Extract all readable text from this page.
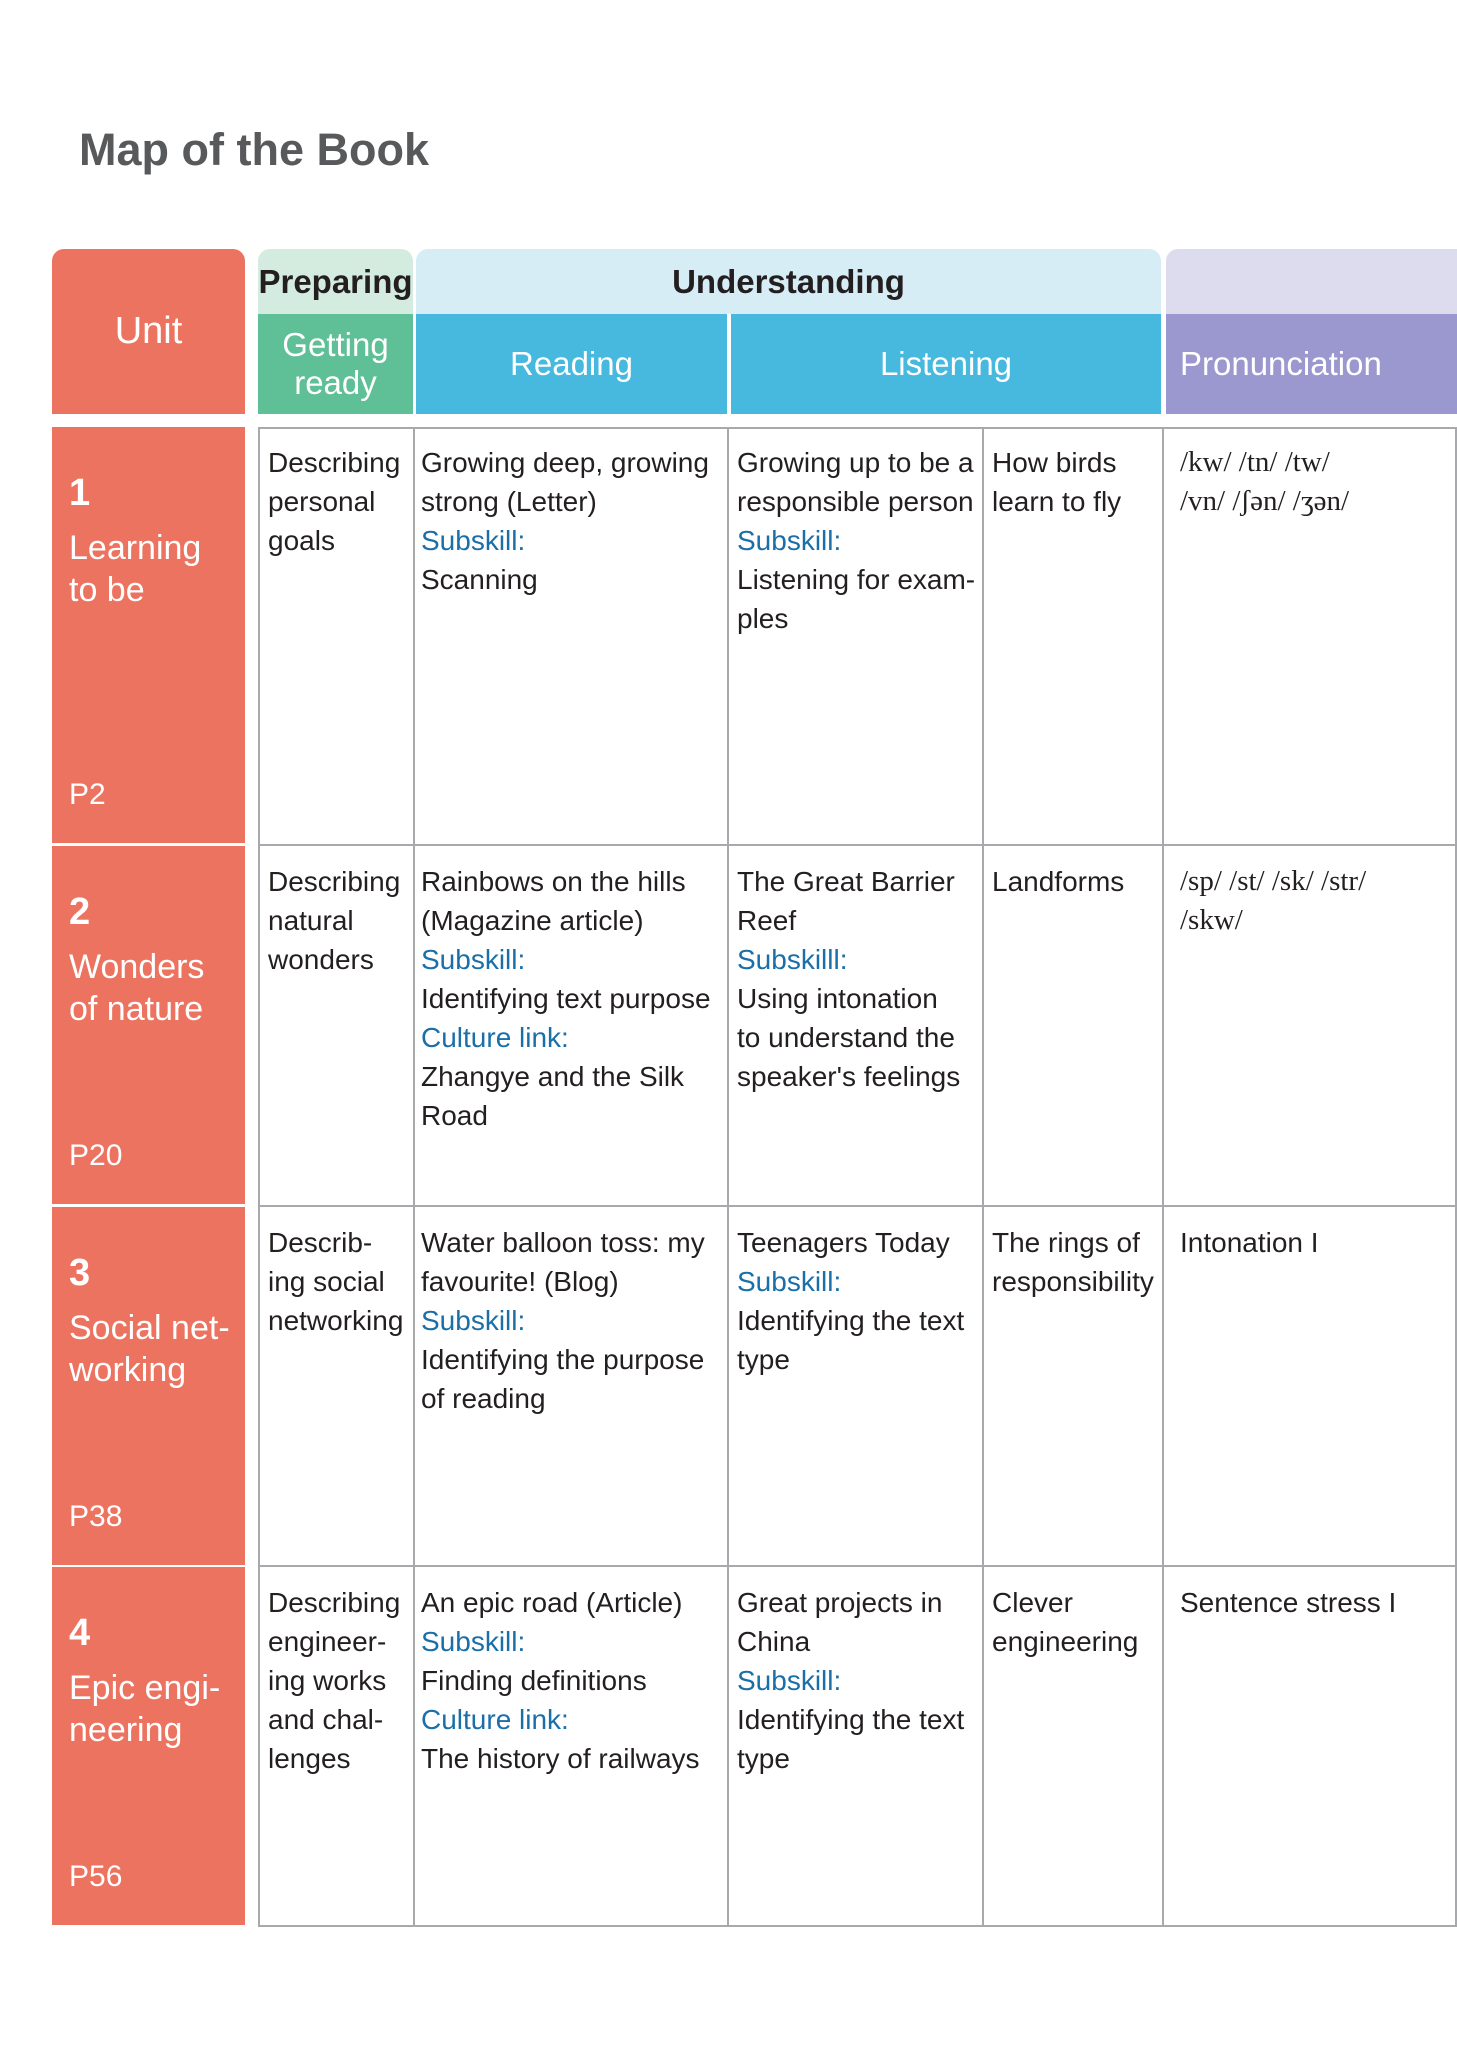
Map of the Book
Unit
Preparing
Getting ready
Understanding
Reading	Listening	Pronunciation
1
Learning
to be
P2

Describing

personal

goals

Growing deep, growing

strong (Letter)

Subskill:

Scanning

Growing up to be a

responsible person

Subskill:

Listening for exam-

ples

How birds

learn to fly

/kw/ /tn/ /tw/

/vn/ /ʃən/ /ʒən/

2
Wonders
of nature
P20

Describing

natural

wonders

Rainbows on the hills

(Magazine article)

Subskill:

Identifying text purpose

Culture link:

Zhangye and the Silk

Road

The Great Barrier

Reef

Subskilll:

Using intonation

to understand the

speaker's feelings

Landforms /sp/ /st/ /sk/ /str/

/skw/

3
Social net-
working
P38

Describ-

ing social

networking

Water balloon toss: my

favourite! (Blog)

Subskill:

Identifying the purpose

of reading

Teenagers Today

Subskill:

Identifying the text

type

The rings of

responsibility

Intonation I

4
Epic engi-
neering
P56

Describing

engineer-

ing works

and chal-

lenges

An epic road (Article)

Subskill:

Finding definitions

Culture link:

The history of railways

Great projects in

China

Subskill:

Identifying the text

type

Clever

engineering

Sentence stress I
